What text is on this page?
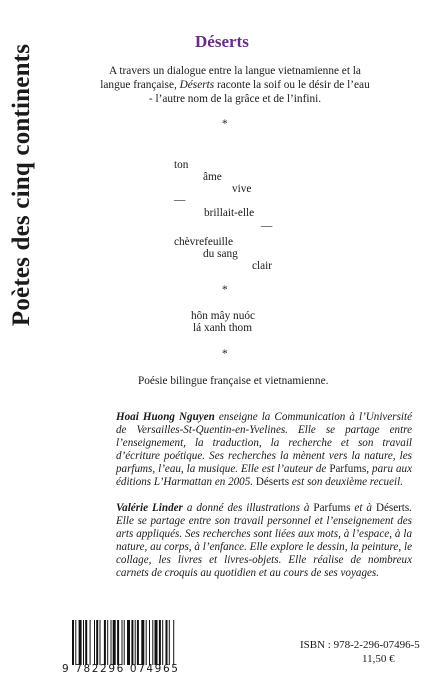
Poètes des cinq continents
Déserts
A travers un dialogue entre la langue vietnamienne et la langue française, Déserts raconte la soif ou le désir de l’eau - l’autre nom de la grâce et de l’infini.
*
ton
âme
vive
—
brillait-elle
—
chèvrefeuille
du sang
clair
*
hôn mây nuóc
lá xanh thom
*
Poésie bilingue française et vietnamienne.
Hoai Huong Nguyen enseigne la Communication à l’Université de Versailles-St-Quentin-en-Yvelines. Elle se partage entre l’enseignement, la traduction, la recherche et son travail d’écriture poétique. Ses recherches la mènent vers la nature, les parfums, l’eau, la musique. Elle est l’auteur de Parfums, paru aux éditions L’Harmattan en 2005. Déserts est son deuxième recueil.
Valérie Linder a donné des illustrations à Parfums et à Déserts. Elle se partage entre son travail personnel et l’enseignement des arts appliqués. Ses recherches sont liées aux mots, à l’espace, à la nature, au corps, à l’enfance. Elle explore le dessin, la peinture, le collage, les livres et livres-objets. Elle réalise de nombreux carnets de croquis au quotidien et au cours de ses voyages.
9 782296 074965
ISBN : 978-2-296-07496-5
11,50 €
